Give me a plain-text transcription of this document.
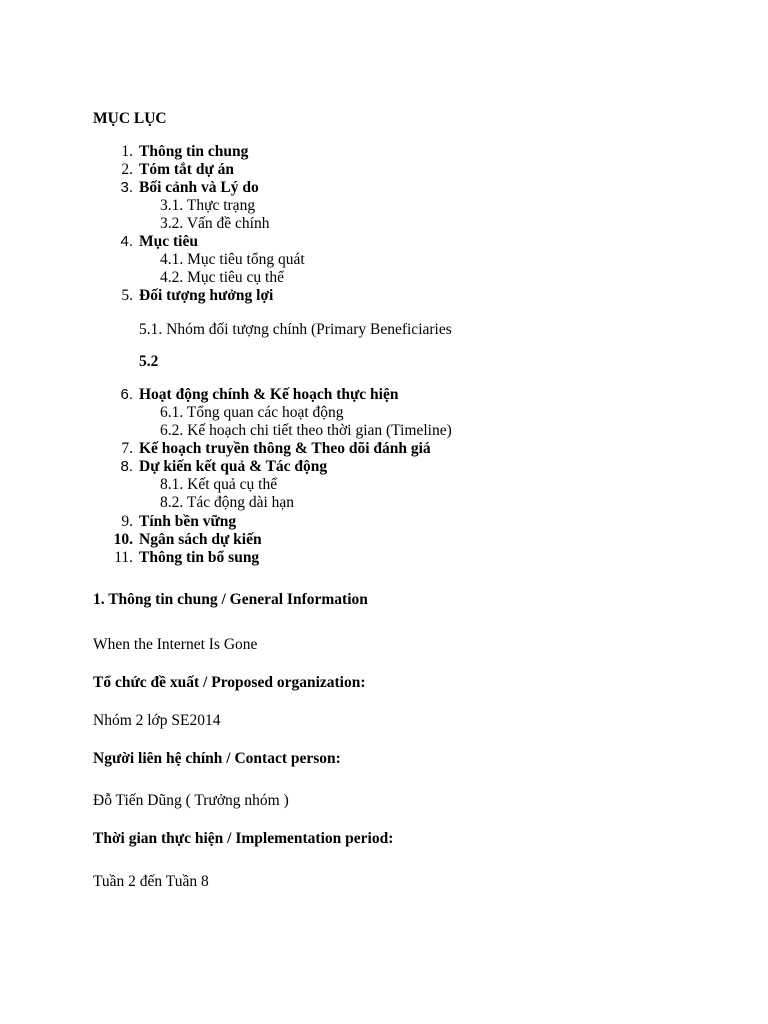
MỤC LỤC
1. Thông tin chung
2. Tóm tắt dự án
3. Bối cảnh và Lý do
3.1. Thực trạng
3.2. Vấn đề chính
4. Mục tiêu
4.1. Mục tiêu tổng quát
4.2. Mục tiêu cụ thể
5. Đối tượng hưởng lợi
5.1. Nhóm đối tượng chính (Primary Beneficiaries
5.2
6. Hoạt động chính & Kế hoạch thực hiện
6.1. Tổng quan các hoạt động
6.2. Kế hoạch chi tiết theo thời gian (Timeline)
7. Kế hoạch truyền thông & Theo dõi đánh giá
8. Dự kiến kết quả & Tác động
8.1. Kết quả cụ thể
8.2. Tác động dài hạn
9. Tính bền vững
10. Ngân sách dự kiến
11. Thông tin bổ sung
1. Thông tin chung / General Information
When the Internet Is Gone
Tổ chức đề xuất / Proposed organization:
Nhóm 2 lớp SE2014
Người liên hệ chính / Contact person:
Đỗ Tiến Dũng ( Trưởng nhóm )
Thời gian thực hiện / Implementation period:
Tuần 2 đến Tuần 8
